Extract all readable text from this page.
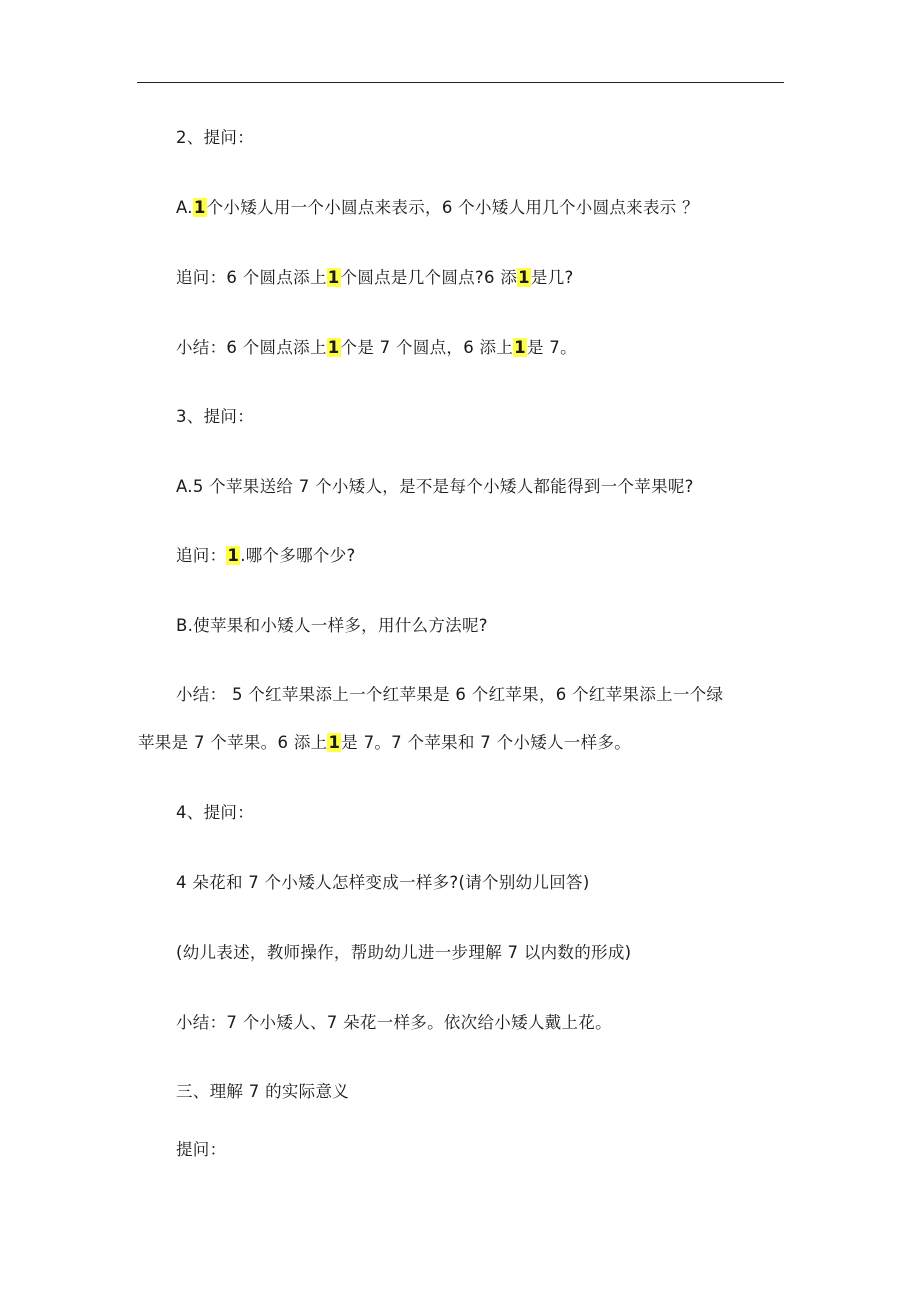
2、提问：
A.1个小矮人用一个小圆点来表示，6 个小矮人用几个小圆点来表示 ？
追问：6 个圆点添上1个圆点是几个圆点?6 添1是几?
小结：6 个圆点添上1个是 7 个圆点，6 添上1是 7。
3、提问：
A.5 个苹果送给 7 个小矮人，是不是每个小矮人都能得到一个苹果呢?
追问：1.哪个多哪个少?
B.使苹果和小矮人一样多，用什么方法呢?
小结： 5 个红苹果添上一个红苹果是 6 个红苹果，6 个红苹果添上一个绿
苹果是 7 个苹果。6 添上1是 7。7 个苹果和 7 个小矮人一样多。
4、提问：
4 朵花和 7 个小矮人怎样变成一样多?(请个别幼儿回答)
(幼儿表述，教师操作，帮助幼儿进一步理解 7 以内数的形成)
小结：7 个小矮人、7 朵花一样多。依次给小矮人戴上花。
三、理解 7 的实际意义
提问：
